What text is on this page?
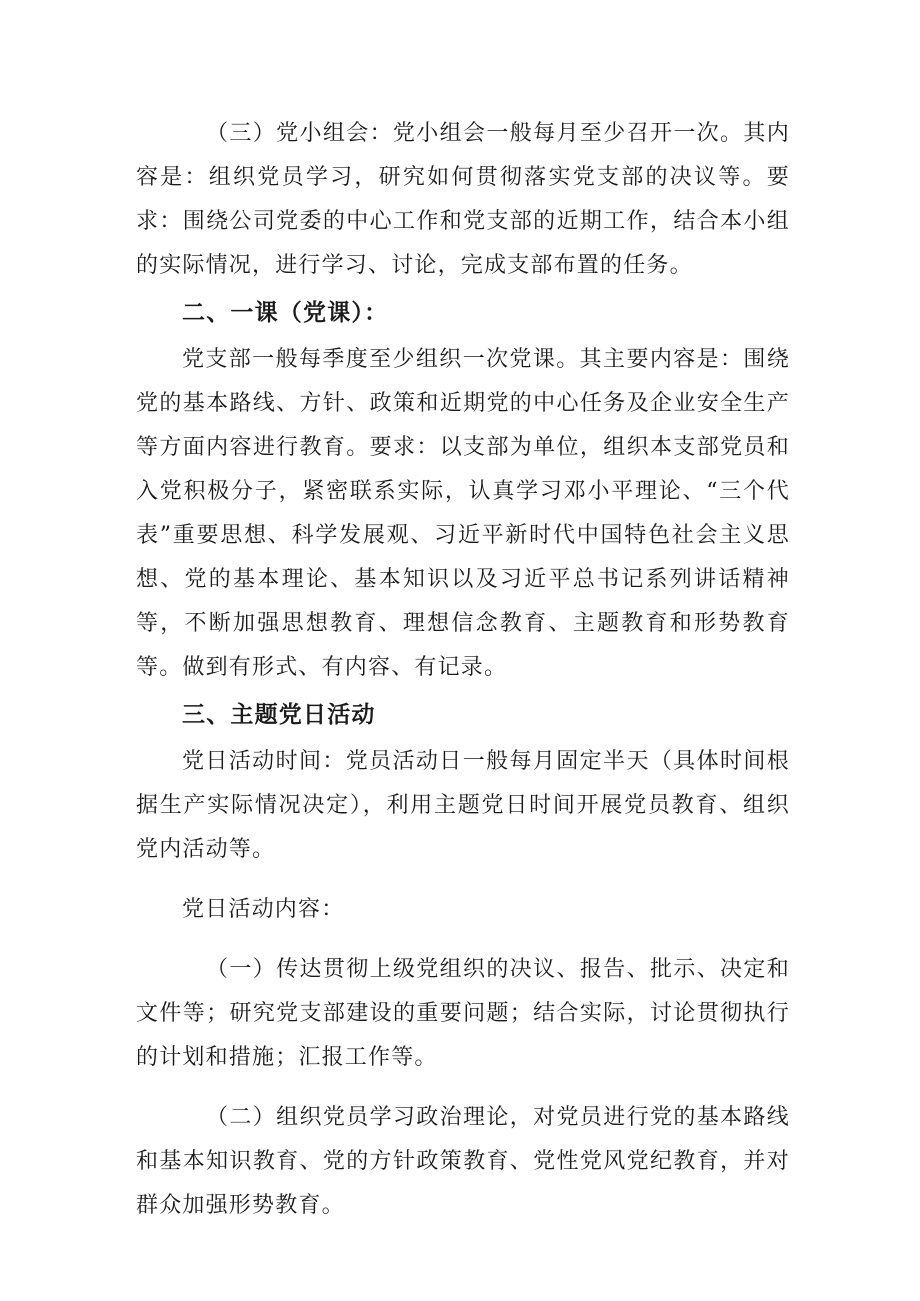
（三）党小组会：党小组会一般每月至少召开一次。其内容是：组织党员学习，研究如何贯彻落实党支部的决议等。要求：围绕公司党委的中心工作和党支部的近期工作，结合本小组的实际情况，进行学习、讨论，完成支部布置的任务。

二、一课（党课）：

党支部一般每季度至少组织一次党课。其主要内容是：围绕党的基本路线、方针、政策和近期党的中心任务及企业安全生产等方面内容进行教育。要求：以支部为单位，组织本支部党员和入党积极分子，紧密联系实际，认真学习邓小平理论、“三个代表”重要思想、科学发展观、习近平新时代中国特色社会主义思想、党的基本理论、基本知识以及习近平总书记系列讲话精神等，不断加强思想教育、理想信念教育、主题教育和形势教育等。做到有形式、有内容、有记录。

三、主题党日活动

党日活动时间：党员活动日一般每月固定半天（具体时间根据生产实际情况决定），利用主题党日时间开展党员教育、组织党内活动等。

党日活动内容：

（一）传达贯彻上级党组织的决议、报告、批示、决定和文件等；研究党支部建设的重要问题；结合实际，讨论贯彻执行的计划和措施；汇报工作等。

（二）组织党员学习政治理论，对党员进行党的基本路线和基本知识教育、党的方针政策教育、党性党风党纪教育，并对群众加强形势教育。
